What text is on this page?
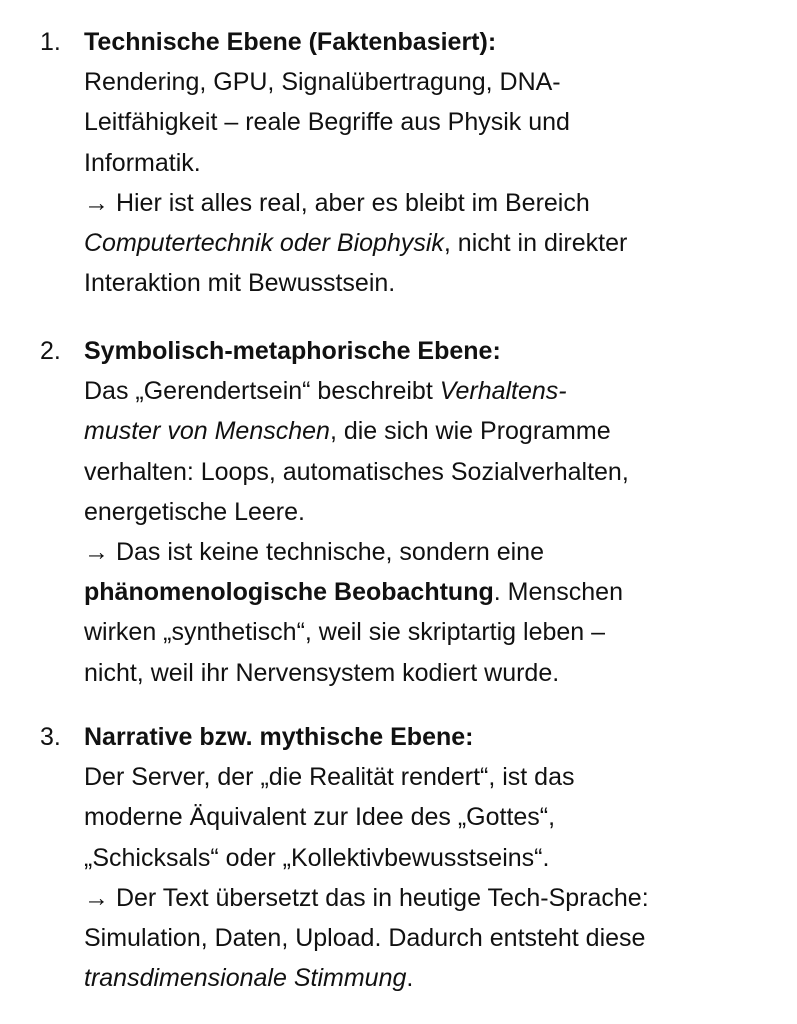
1. Technische Ebene (Faktenbasiert):
Rendering, GPU, Signalübertragung, DNA-
Leitfähigkeit – reale Begriffe aus Physik und
Informatik.
→ Hier ist alles real, aber es bleibt im Bereich
Computertechnik oder Biophysik, nicht in direkter
Interaktion mit Bewusstsein.
2. Symbolisch-metaphorische Ebene:
Das „Gerendertsein“ beschreibt Verhaltens-
muster von Menschen, die sich wie Programme
verhalten: Loops, automatisches Sozialverhalten,
energetische Leere.
→ Das ist keine technische, sondern eine
phänomenologische Beobachtung. Menschen
wirken „synthetisch“, weil sie skriptartig leben –
nicht, weil ihr Nervensystem kodiert wurde.
3. Narrative bzw. mythische Ebene:
Der Server, der „die Realität rendert“, ist das
moderne Äquivalent zur Idee des „Gottes“,
„Schicksals“ oder „Kollektivbewusstseins“.
→ Der Text übersetzt das in heutige Tech-Sprache:
Simulation, Daten, Upload. Dadurch entsteht diese
transdimensionale Stimmung.
